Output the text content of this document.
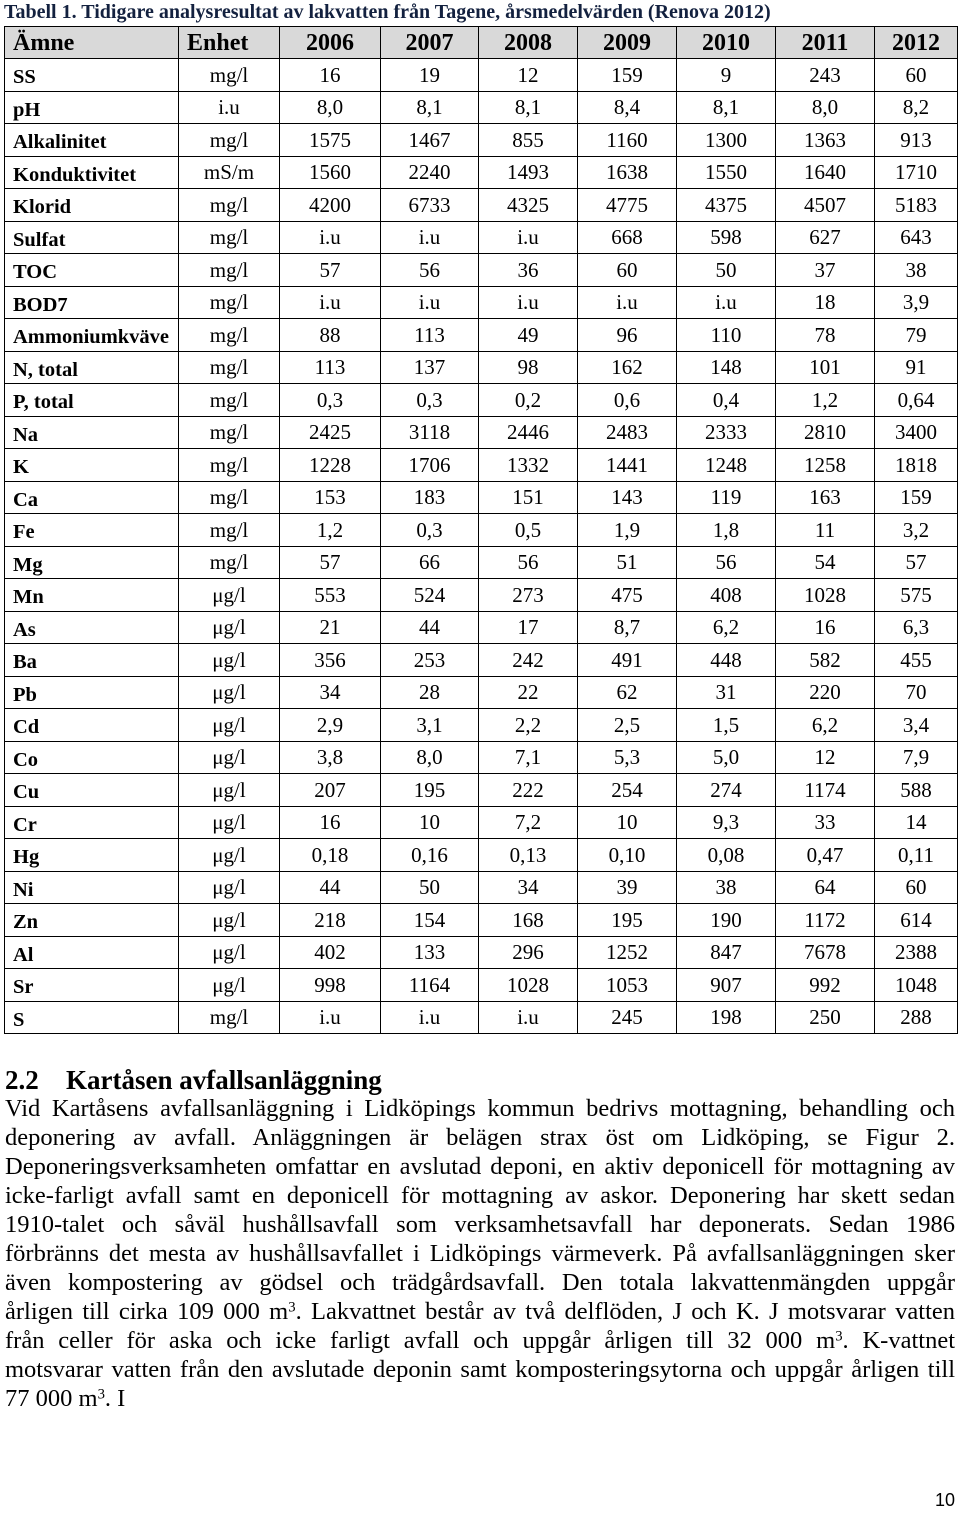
Tabell 1. Tidigare analysresultat av lakvatten från Tagene, årsmedelvärden (Renova 2012)
Ämne	Enhet	2006	2007	2008	2009	2010	2011	2012
SS	mg/l	16	19	12	159	9	243	60
pH	i.u	8,0	8,1	8,1	8,4	8,1	8,0	8,2
Alkalinitet	mg/l	1575	1467	855	1160	1300	1363	913
Konduktivitet	mS/m	1560	2240	1493	1638	1550	1640	1710
Klorid	mg/l	4200	6733	4325	4775	4375	4507	5183
Sulfat	mg/l	i.u	i.u	i.u	668	598	627	643
TOC	mg/l	57	56	36	60	50	37	38
BOD7	mg/l	i.u	i.u	i.u	i.u	i.u	18	3,9
Ammoniumkväve	mg/l	88	113	49	96	110	78	79
N, total	mg/l	113	137	98	162	148	101	91
P, total	mg/l	0,3	0,3	0,2	0,6	0,4	1,2	0,64
Na	mg/l	2425	3118	2446	2483	2333	2810	3400
K	mg/l	1228	1706	1332	1441	1248	1258	1818
Ca	mg/l	153	183	151	143	119	163	159
Fe	mg/l	1,2	0,3	0,5	1,9	1,8	11	3,2
Mg	mg/l	57	66	56	51	56	54	57
Mn	μg/l	553	524	273	475	408	1028	575
As	μg/l	21	44	17	8,7	6,2	16	6,3
Ba	μg/l	356	253	242	491	448	582	455
Pb	μg/l	34	28	22	62	31	220	70
Cd	μg/l	2,9	3,1	2,2	2,5	1,5	6,2	3,4
Co	μg/l	3,8	8,0	7,1	5,3	5,0	12	7,9
Cu	μg/l	207	195	222	254	274	1174	588
Cr	μg/l	16	10	7,2	10	9,3	33	14
Hg	μg/l	0,18	0,16	0,13	0,10	0,08	0,47	0,11
Ni	μg/l	44	50	34	39	38	64	60
Zn	μg/l	218	154	168	195	190	1172	614
Al	μg/l	402	133	296	1252	847	7678	2388
Sr	μg/l	998	1164	1028	1053	907	992	1048
S	mg/l	i.u	i.u	i.u	245	198	250	288
2.2 Kartåsen avfallsanläggning
Vid Kartåsens avfallsanläggning i Lidköpings kommun bedrivs mottagning, behandling och
deponering av avfall. Anläggningen är belägen strax öst om Lidköping, se Figur 2.
Deponeringsverksamheten omfattar en avslutad deponi, en aktiv deponicell för mottagning av
icke-farligt avfall samt en deponicell för mottagning av askor. Deponering har skett sedan
1910-talet och såväl hushållsavfall som verksamhetsavfall har deponerats. Sedan 1986
förbränns det mesta av hushållsavfallet i Lidköpings värmeverk. På avfallsanläggningen sker
även kompostering av gödsel och trädgårdsavfall. Den totala lakvattenmängden uppgår
årligen till cirka 109 000 $m^3$. Lakvattnet består av två delflöden, J och K. J motsvarar vatten
från celler för aska och icke farligt avfall och uppgår årligen till 32 000 $m^3$. K-vattnet
motsvarar vatten från den avslutade deponin samt komposteringsytorna och uppgår årligen till
77 000 $m^3$. I
10
